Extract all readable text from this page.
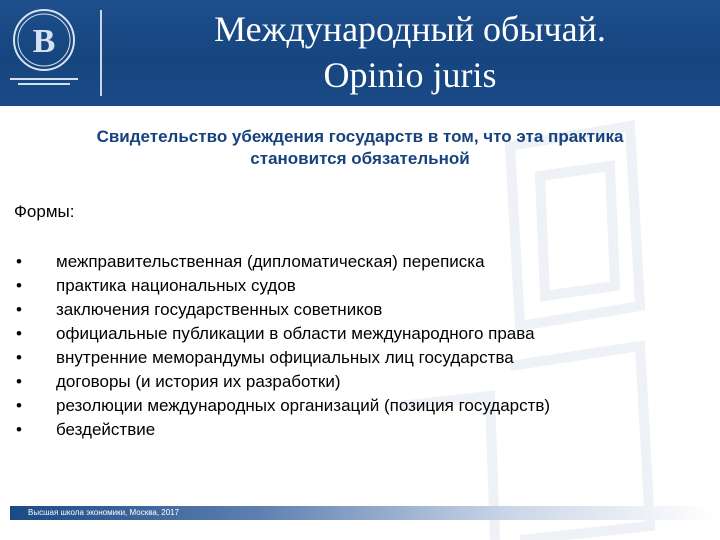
В	Международный обычай.
Opinio juris
Свидетельство убеждения государств в том, что эта практика
становится обязательной
Формы:
• межправительственная (дипломатическая) переписка
• практика национальных судов
• заключения государственных советников
• официальные публикации в области международного права
• внутренние меморандумы официальных лиц государства
• договоры (и история их разработки)
• резолюции международных организаций (позиция государств)
• бездействие
Высшая школа экономики, Москва, 2017
